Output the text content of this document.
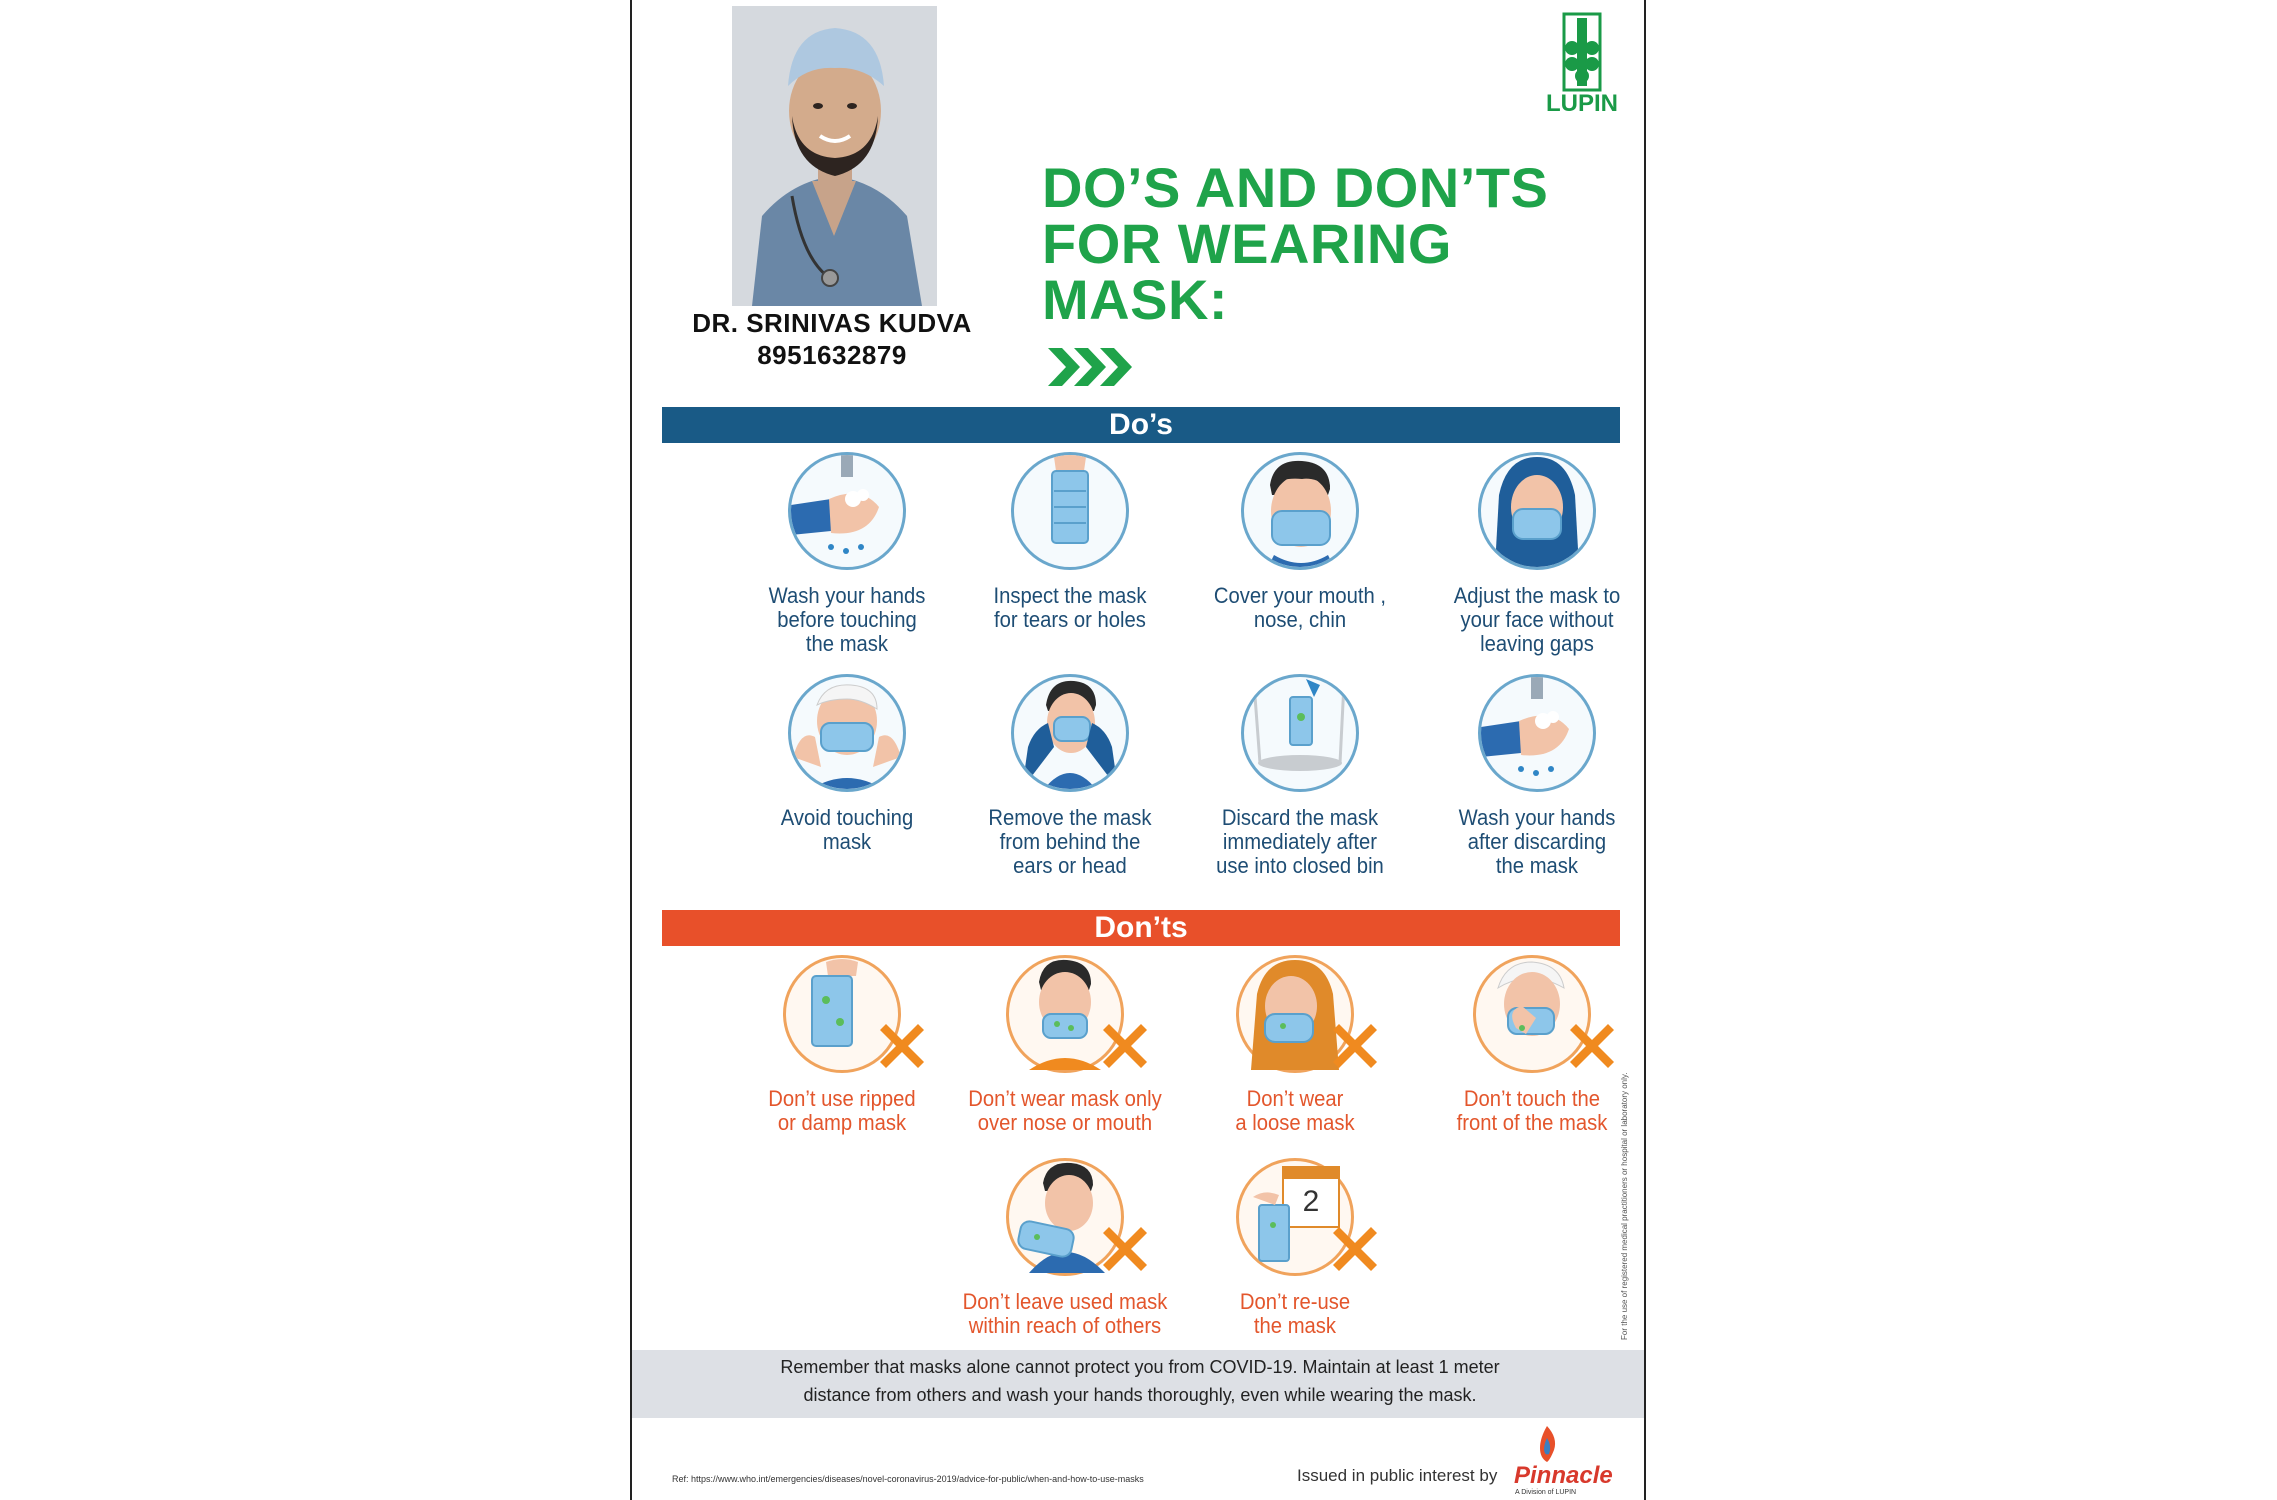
DR. SRINIVAS KUDVA
8951632879
LUPIN
DO’S AND DON’TS
FOR WEARING
MASK:
Do’s
Wash your hands
before touching
the mask
Inspect the mask
for tears or holes
Cover your mouth ,
nose, chin
Adjust the mask to
your face without
leaving gaps
Avoid touching
mask
Remove the mask
from behind the
ears or head
Discard the mask
immediately after
use into closed bin
Wash your hands
after discarding
the mask
Don’ts
Don’t use ripped
or damp mask
Don’t wear mask only
over nose or mouth
Don’t wear
a loose mask
Don’t touch the
front of the mask
Don’t leave used mask
within reach of others
2
Don’t re-use
the mask	For the use of registered medical practitioners or hospital or laboratory only.
Remember that masks alone cannot protect you from COVID-19. Maintain at least 1 meter
distance from others and wash your hands thoroughly, even while wearing the mask.
Ref: https://www.who.int/emergencies/diseases/novel-coronavirus-2019/advice-for-public/when-and-how-to-use-masks	Issued in public interest by Pinnacle
A Division of LUPIN
